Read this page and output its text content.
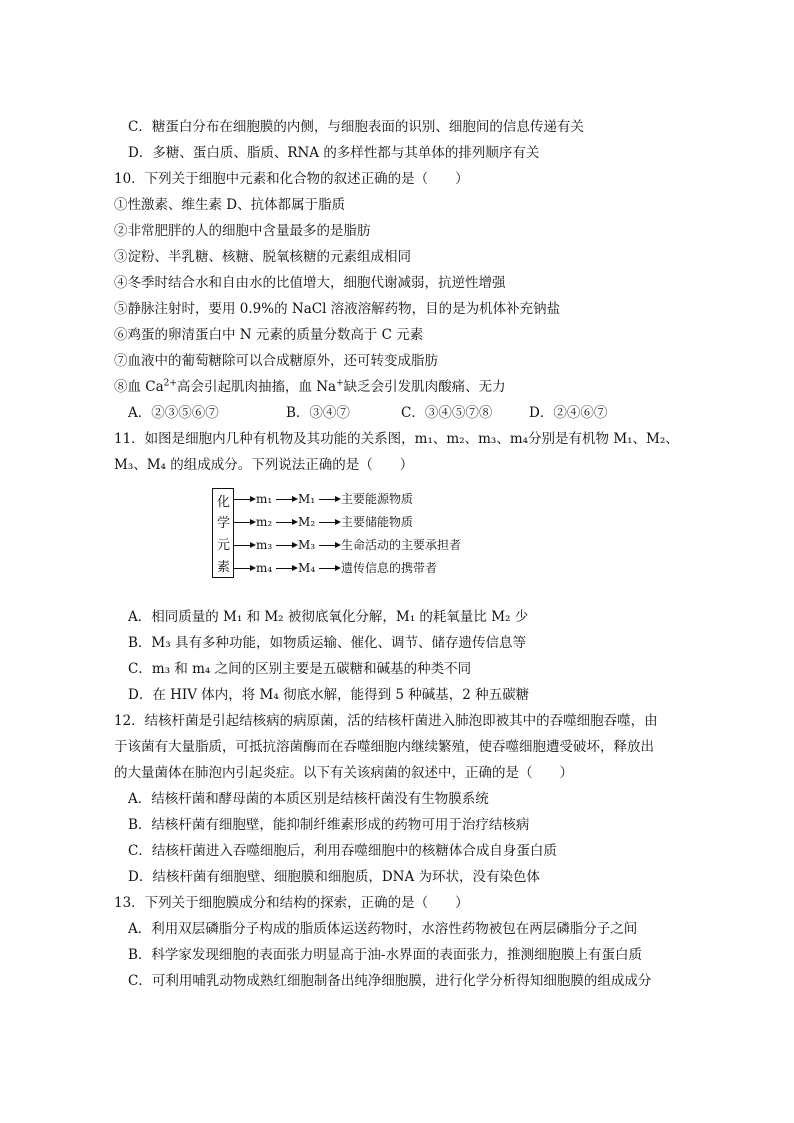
C．糖蛋白分布在细胞膜的内侧，与细胞表面的识别、细胞间的信息传递有关
D．多糖、蛋白质、脂质、RNA 的多样性都与其单体的排列顺序有关
10．下列关于细胞中元素和化合物的叙述正确的是（　　）
①性激素、维生素 D、抗体都属于脂质
②非常肥胖的人的细胞中含量最多的是脂肪
③淀粉、半乳糖、核糖、脱氧核糖的元素组成相同
④冬季时结合水和自由水的比值增大，细胞代谢减弱，抗逆性增强
⑤静脉注射时，要用 0.9%的 NaCl 溶液溶解药物，目的是为机体补充钠盐
⑥鸡蛋的卵清蛋白中 N 元素的质量分数高于 C 元素
⑦血液中的葡萄糖除可以合成糖原外，还可转变成脂肪
⑧血 $Ca^{2+}$高会引起肌肉抽搐，血 Na+缺乏会引发肌肉酸痛、无力
A．②③⑤⑥⑦	B．③④⑦	C．③④⑤⑦⑧	D．②④⑥⑦
11．如图是细胞内几种有机物及其功能的关系图，m₁、m₂、m₃、m₄分别是有机物 M₁、M₂、
M₃、M₄ 的组成成分。下列说法正确的是（　　）
化
学
元
素
m₁ M₁ 主要能源物质
m₂ M₂ 主要储能物质
m₃ M₃ 生命活动的主要承担者
m₄ M₄ 遗传信息的携带者
A．相同质量的 M₁ 和 M₂ 被彻底氧化分解，M₁ 的耗氧量比 M₂ 少
B．M₃ 具有多种功能，如物质运输、催化、调节、储存遗传信息等
C．m₃ 和 m₄ 之间的区别主要是五碳糖和碱基的种类不同
D．在 HIV 体内，将 M₄ 彻底水解，能得到 5 种碱基，2 种五碳糖
12．结核杆菌是引起结核病的病原菌，活的结核杆菌进入肺泡即被其中的吞噬细胞吞噬，由
于该菌有大量脂质，可抵抗溶菌酶而在吞噬细胞内继续繁殖，使吞噬细胞遭受破坏，释放出
的大量菌体在肺泡内引起炎症。以下有关该病菌的叙述中，正确的是（　　）
A．结核杆菌和酵母菌的本质区别是结核杆菌没有生物膜系统
B．结核杆菌有细胞壁，能抑制纤维素形成的药物可用于治疗结核病
C．结核杆菌进入吞噬细胞后，利用吞噬细胞中的核糖体合成自身蛋白质
D．结核杆菌有细胞壁、细胞膜和细胞质，DNA 为环状，没有染色体
13．下列关于细胞膜成分和结构的探索，正确的是（　　）
A．利用双层磷脂分子构成的脂质体运送药物时，水溶性药物被包在两层磷脂分子之间
B．科学家发现细胞的表面张力明显高于油-水界面的表面张力，推测细胞膜上有蛋白质
C．可利用哺乳动物成熟红细胞制备出纯净细胞膜，进行化学分析得知细胞膜的组成成分
